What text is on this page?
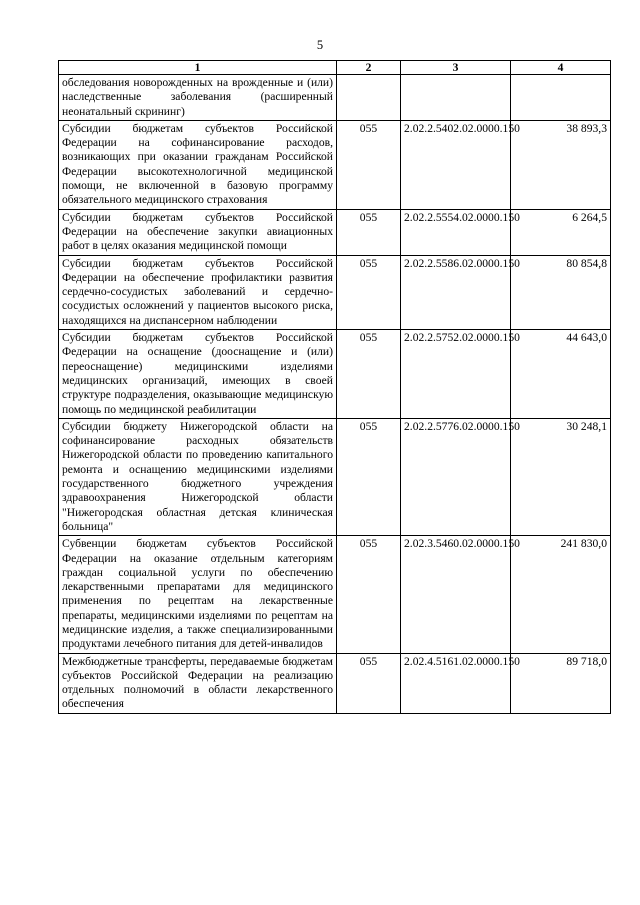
5
1	2	3	4
обследования новорожденных на врожденные и (или) наследственные заболевания (расширенный неонатальный скрининг)			
Субсидии бюджетам субъектов Российской Федерации на софинансирование расходов, возникающих при оказании гражданам Российской Федерации высокотехнологичной медицинской помощи, не включенной в базовую программу обязательного медицинского страхования	055	2.02.2.5402.02.0000.150	38 893,3
Субсидии бюджетам субъектов Российской Федерации на обеспечение закупки авиационных работ в целях оказания медицинской помощи	055	2.02.2.5554.02.0000.150	6 264,5
Субсидии бюджетам субъектов Российской Федерации на обеспечение профилактики развития сердечно-сосудистых заболеваний и сердечно-сосудистых осложнений у пациентов высокого риска, находящихся на диспансерном наблюдении	055	2.02.2.5586.02.0000.150	80 854,8
Субсидии бюджетам субъектов Российской Федерации на оснащение (дооснащение и (или) переоснащение) медицинскими изделиями медицинских организаций, имеющих в своей структуре подразделения, оказывающие медицинскую помощь по медицинской реабилитации	055	2.02.2.5752.02.0000.150	44 643,0
Субсидии бюджету Нижегородской области на софинансирование расходных обязательств Нижегородской области по проведению капитального ремонта и оснащению медицинскими изделиями государственного бюджетного учреждения здравоохранения Нижегородской области "Нижегородская областная детская клиническая больница"	055	2.02.2.5776.02.0000.150	30 248,1
Субвенции бюджетам субъектов Российской Федерации на оказание отдельным категориям граждан социальной услуги по обеспечению лекарственными препаратами для медицинского применения по рецептам на лекарственные препараты, медицинскими изделиями по рецептам на медицинские изделия, а также специализированными продуктами лечебного питания для детей-инвалидов	055	2.02.3.5460.02.0000.150	241 830,0
Межбюджетные трансферты, передаваемые бюджетам субъектов Российской Федерации на реализацию отдельных полномочий в области лекарственного обеспечения	055	2.02.4.5161.02.0000.150	89 718,0
